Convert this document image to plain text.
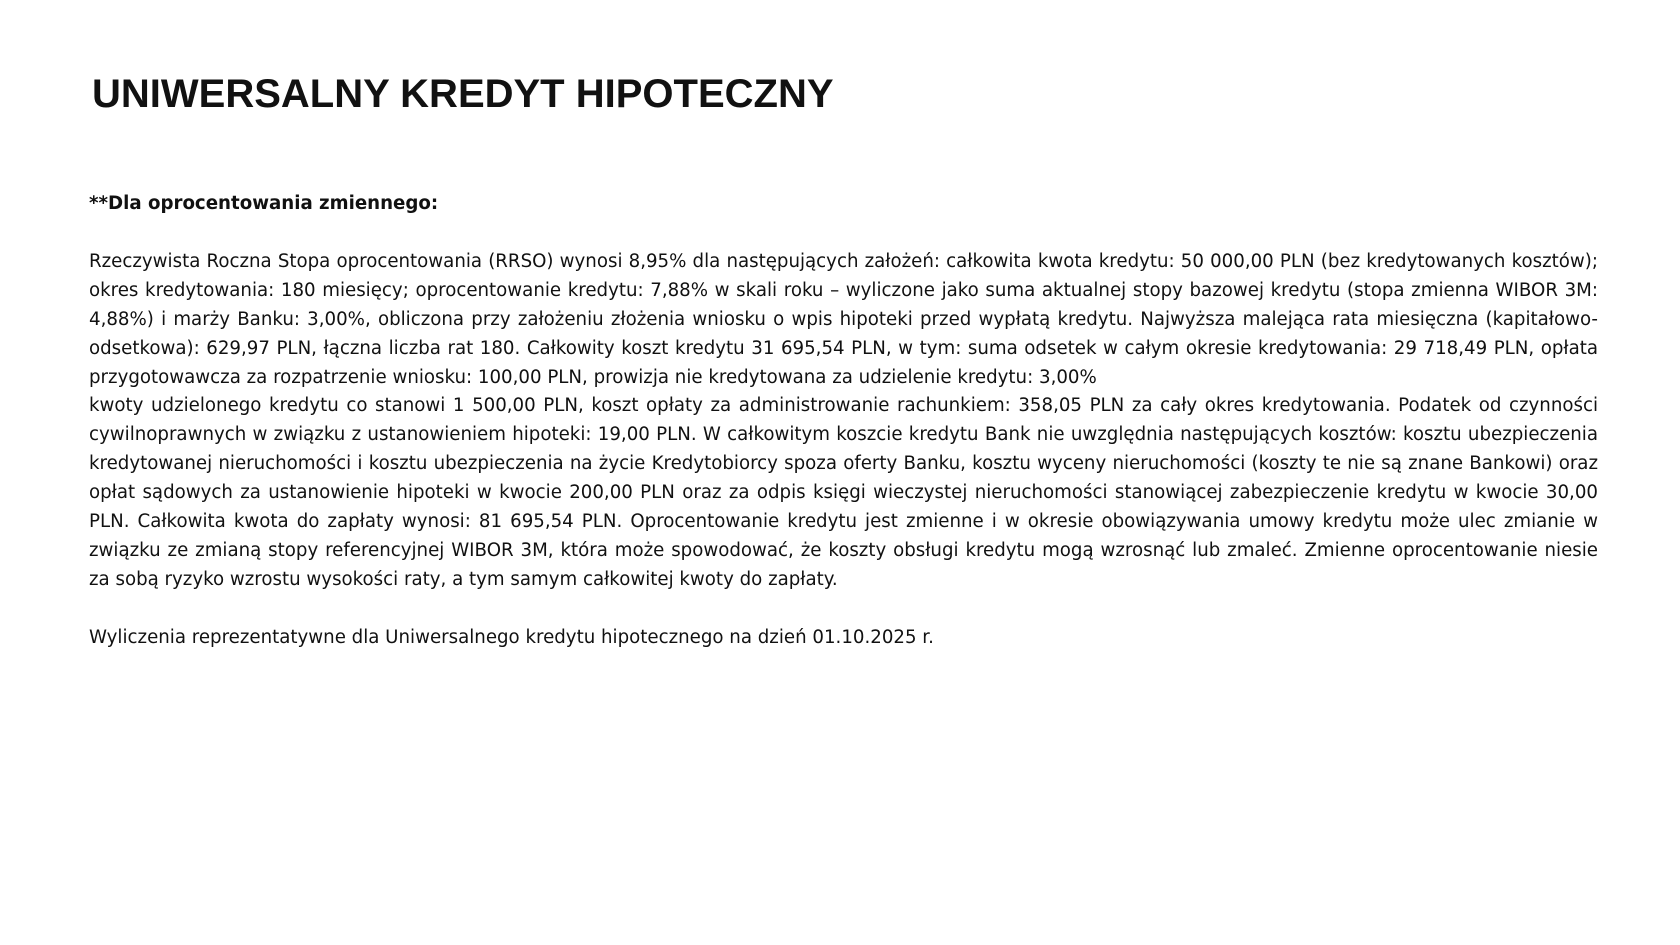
UNIWERSALNY KREDYT HIPOTECZNY

**Dla oprocentowania zmiennego:

Rzeczywista Roczna Stopa oprocentowania (RRSO) wynosi 8,95% dla następujących założeń: całkowita kwota kredytu: 50 000,00 PLN (bez kredytowanych kosztów); okres kredytowania: 180 miesięcy; oprocentowanie kredytu: 7,88% w skali roku – wyliczone jako suma aktualnej stopy bazowej kredytu (stopa zmienna WIBOR 3M: 4,88%) i marży Banku: 3,00%, obliczona przy założeniu złożenia wniosku o wpis hipoteki przed wypłatą kredytu. Najwyższa malejąca rata miesięczna (kapitałowo-odsetkowa): 629,97 PLN, łączna liczba rat 180. Całkowity koszt kredytu 31 695,54 PLN, w tym: suma odsetek w całym okresie kredytowania: 29 718,49 PLN, opłata przygotowawcza za rozpatrzenie wniosku: 100,00 PLN, prowizja nie kredytowana za udzielenie kredytu: 3,00%

kwoty udzielonego kredytu co stanowi 1 500,00 PLN, koszt opłaty za administrowanie rachunkiem: 358,05 PLN za cały okres kredytowania. Podatek od czynności cywilnoprawnych w związku z ustanowieniem hipoteki: 19,00 PLN. W całkowitym koszcie kredytu Bank nie uwzględnia następujących kosztów: kosztu ubezpieczenia kredytowanej nieruchomości i kosztu ubezpieczenia na życie Kredytobiorcy spoza oferty Banku, kosztu wyceny nieruchomości (koszty te nie są znane Bankowi) oraz opłat sądowych za ustanowienie hipoteki w kwocie 200,00 PLN oraz za odpis księgi wieczystej nieruchomości stanowiącej zabezpieczenie kredytu w kwocie 30,00 PLN. Całkowita kwota do zapłaty wynosi: 81 695,54 PLN. Oprocentowanie kredytu jest zmienne i w okresie obowiązywania umowy kredytu może ulec zmianie w związku ze zmianą stopy referencyjnej WIBOR 3M, która może spowodować, że koszty obsługi kredytu mogą wzrosnąć lub zmaleć. Zmienne oprocentowanie niesie za sobą ryzyko wzrostu wysokości raty, a tym samym całkowitej kwoty do zapłaty.

Wyliczenia reprezentatywne dla Uniwersalnego kredytu hipotecznego na dzień 01.10.2025 r.
